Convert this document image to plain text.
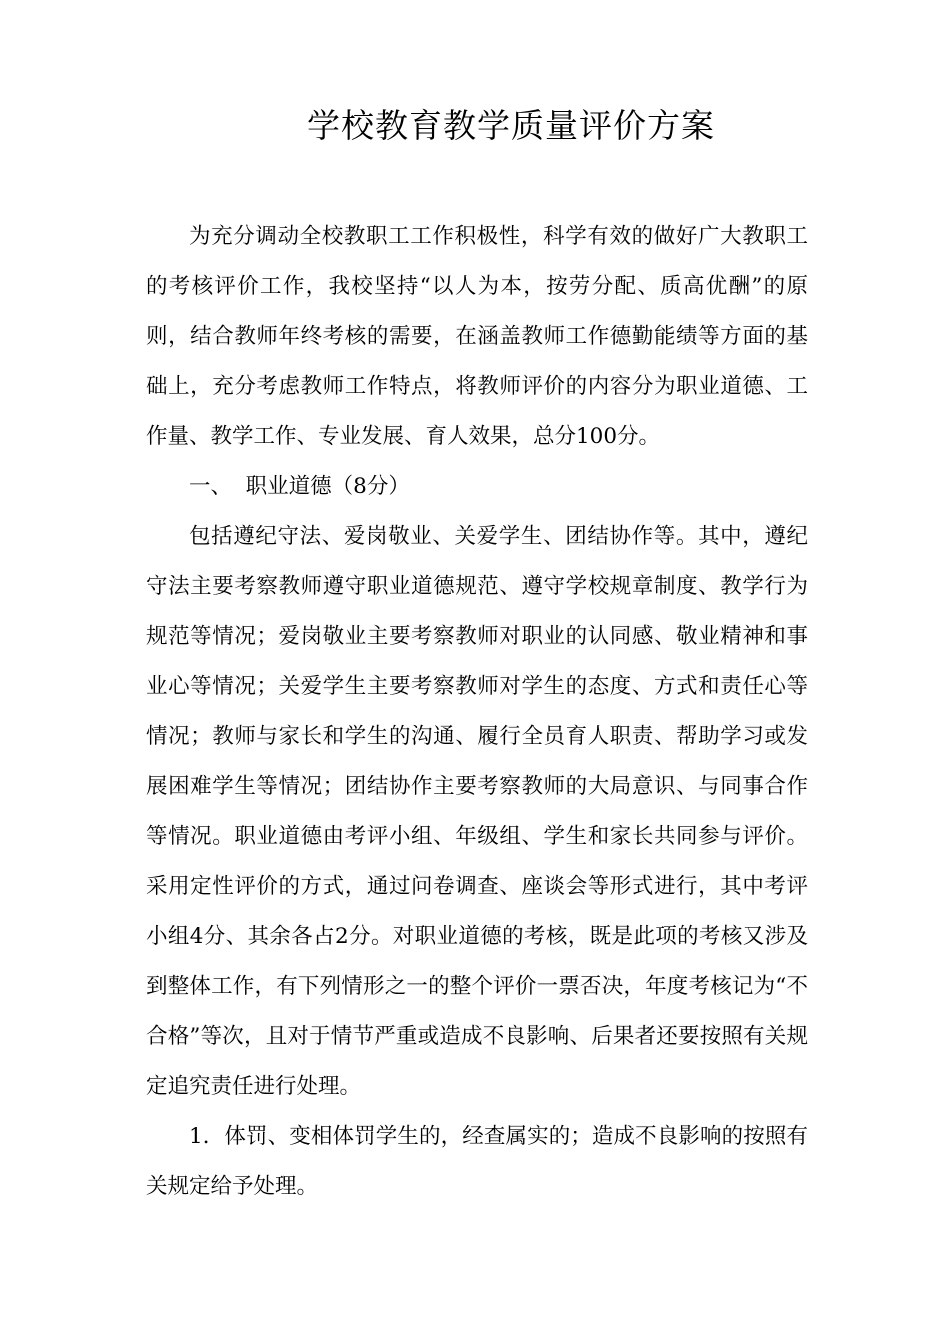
学校教育教学质量评价方案

为充分调动全校教职工工作积极性，科学有效的做好广大教职工的考核评价工作，我校坚持“以人为本，按劳分配、质高优酬”的原则，结合教师年终考核的需要，在涵盖教师工作德勤能绩等方面的基础上，充分考虑教师工作特点，将教师评价的内容分为职业道德、工作量、教学工作、专业发展、育人效果，总分100分。

一、  职业道德（8分）

包括遵纪守法、爱岗敬业、关爱学生、团结协作等。其中，遵纪守法主要考察教师遵守职业道德规范、遵守学校规章制度、教学行为规范等情况；爱岗敬业主要考察教师对职业的认同感、敬业精神和事业心等情况；关爱学生主要考察教师对学生的态度、方式和责任心等情况；教师与家长和学生的沟通、履行全员育人职责、帮助学习或发展困难学生等情况；团结协作主要考察教师的大局意识、与同事合作等情况。职业道德由考评小组、年级组、学生和家长共同参与评价。采用定性评价的方式，通过问卷调查、座谈会等形式进行，其中考评小组4分、其余各占2分。对职业道德的考核，既是此项的考核又涉及到整体工作，有下列情形之一的整个评价一票否决，年度考核记为“不合格”等次，且对于情节严重或造成不良影响、后果者还要按照有关规定追究责任进行处理。

1．体罚、变相体罚学生的，经查属实的；造成不良影响的按照有关规定给予处理。
